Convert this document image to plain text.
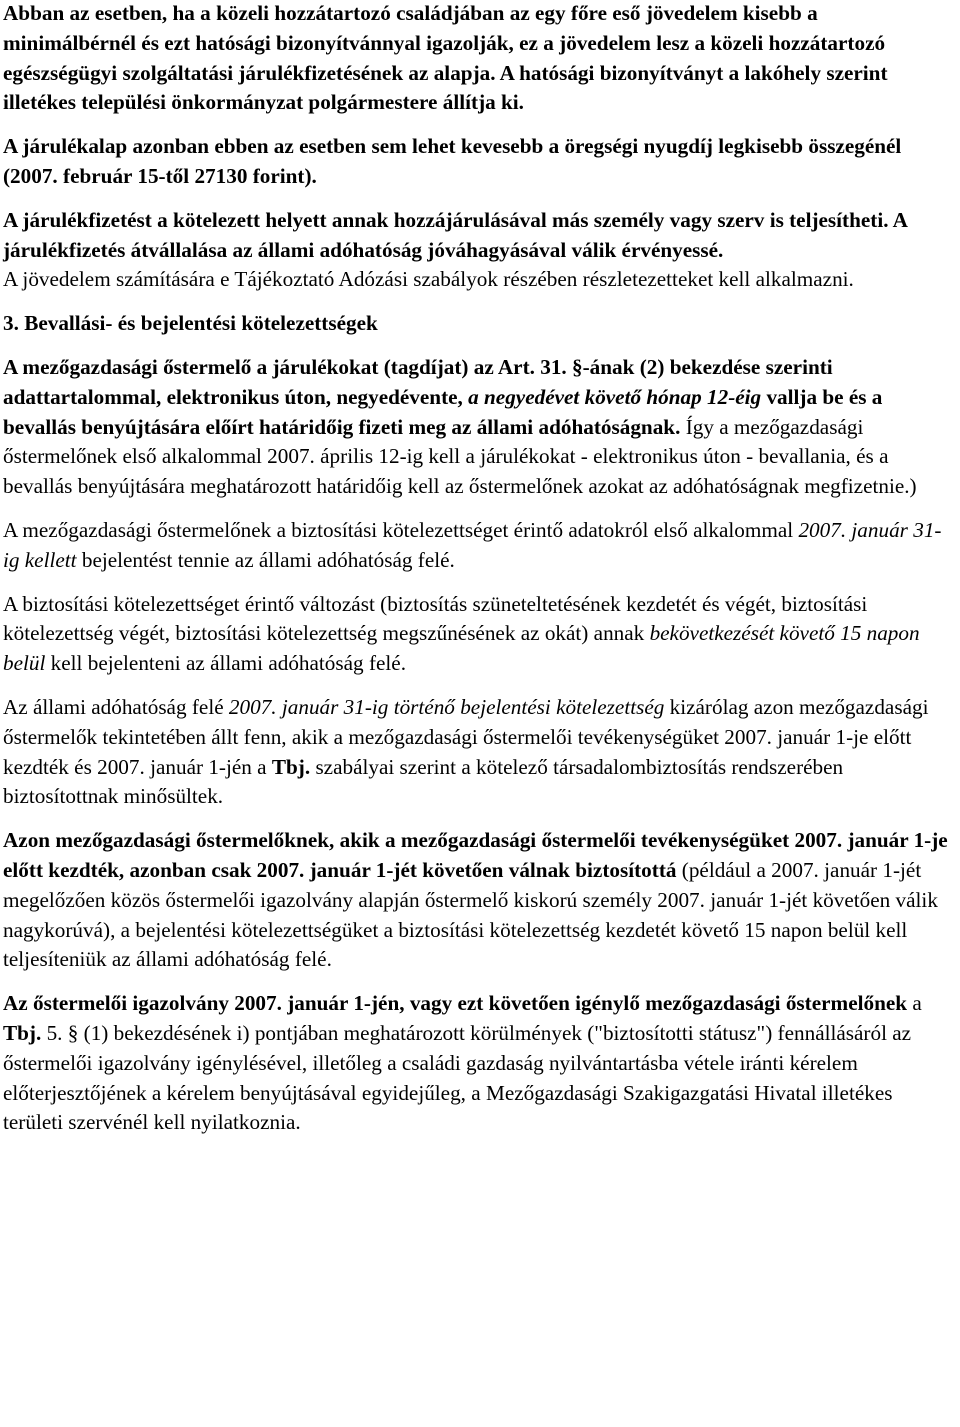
Abban az esetben, ha a közeli hozzátartozó családjában az egy főre eső jövedelem kisebb a minimálbérnél és ezt hatósági bizonyítvánnyal igazolják, ez a jövedelem lesz a közeli hozzátartozó egészségügyi szolgáltatási járulékfizetésének az alapja. A hatósági bizonyítványt a lakóhely szerint illetékes települési önkormányzat polgármestere állítja ki.

A járulékalap azonban ebben az esetben sem lehet kevesebb a öregségi nyugdíj legkisebb összegénél (2007. február 15-től 27130 forint).

A járulékfizetést a kötelezett helyett annak hozzájárulásával más személy vagy szerv is teljesítheti. A járulékfizetés átvállalása az állami adóhatóság jóváhagyásával válik érvényessé.
A jövedelem számítására e Tájékoztató Adózási szabályok részében részletezetteket kell alkalmazni.

3. Bevallási- és bejelentési kötelezettségek

A mezőgazdasági őstermelő a járulékokat (tagdíjat) az Art. 31. §-ának (2) bekezdése szerinti adattartalommal, elektronikus úton, negyedévente, a negyedévet követő hónap 12-éig vallja be és a bevallás benyújtására előírt határidőig fizeti meg az állami adóhatóságnak. Így a mezőgazdasági őstermelőnek első alkalommal 2007. április 12-ig kell a járulékokat - elektronikus úton - bevallania, és a bevallás benyújtására meghatározott határidőig kell az őstermelőnek azokat az adóhatóságnak megfizetnie.)

A mezőgazdasági őstermelőnek a biztosítási kötelezettséget érintő adatokról első alkalommal 2007. január 31-ig kellett bejelentést tennie az állami adóhatóság felé.

A biztosítási kötelezettséget érintő változást (biztosítás szüneteltetésének kezdetét és végét, biztosítási kötelezettség végét, biztosítási kötelezettség megszűnésének az okát) annak bekövetkezését követő 15 napon belül kell bejelenteni az állami adóhatóság felé.

Az állami adóhatóság felé 2007. január 31-ig történő bejelentési kötelezettség kizárólag azon mezőgazdasági őstermelők tekintetében állt fenn, akik a mezőgazdasági őstermelői tevékenységüket 2007. január 1-je előtt kezdték és 2007. január 1-jén a Tbj. szabályai szerint a kötelező társadalombiztosítás rendszerében biztosítottnak minősültek.

Azon mezőgazdasági őstermelőknek, akik a mezőgazdasági őstermelői tevékenységüket 2007. január 1-je előtt kezdték, azonban csak 2007. január 1-jét követően válnak biztosítottá (például a 2007. január 1-jét megelőzően közös őstermelői igazolvány alapján őstermelő kiskorú személy 2007. január 1-jét követően válik nagykorúvá), a bejelentési kötelezettségüket a biztosítási kötelezettség kezdetét követő 15 napon belül kell teljesíteniük az állami adóhatóság felé.

Az őstermelői igazolvány 2007. január 1-jén, vagy ezt követően igénylő mezőgazdasági őstermelőnek a Tbj. 5. § (1) bekezdésének i) pontjában meghatározott körülmények ("biztosítotti státusz") fennállásáról az őstermelői igazolvány igénylésével, illetőleg a családi gazdaság nyilvántartásba vétele iránti kérelem előterjesztőjének a kérelem benyújtásával egyidejűleg, a Mezőgazdasági Szakigazgatási Hivatal illetékes területi szervénél kell nyilatkoznia.
